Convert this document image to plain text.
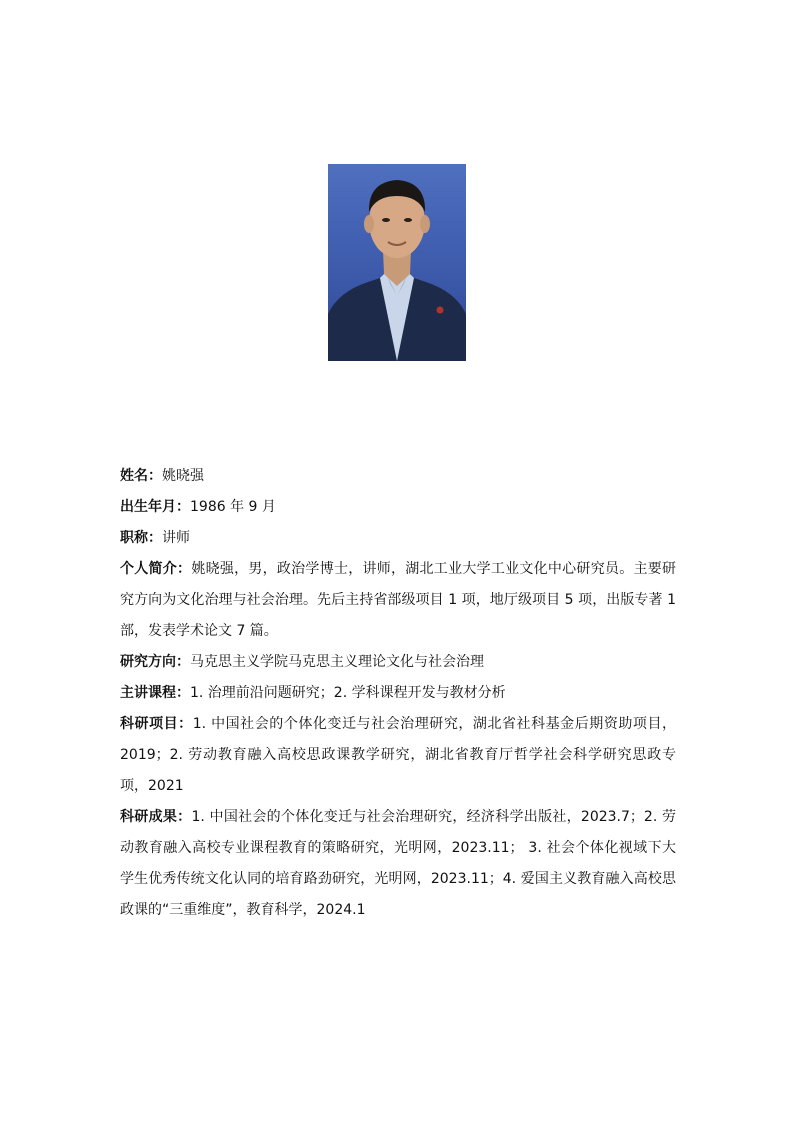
姓名：姚晓强

出生年月：1986 年 9 月

职称：讲师

个人简介：姚晓强，男，政治学博士，讲师，湖北工业大学工业文化中心研究员。主要研究方向为文化治理与社会治理。先后主持省部级项目 1 项，地厅级项目 5 项，出版专著 1 部，发表学术论文 7 篇。

研究方向：马克思主义学院马克思主义理论文化与社会治理

主讲课程：1. 治理前沿问题研究；2. 学科课程开发与教材分析

科研项目：1. 中国社会的个体化变迁与社会治理研究，湖北省社科基金后期资助项目，2019；2. 劳动教育融入高校思政课教学研究，湖北省教育厅哲学社会科学研究思政专项，2021

科研成果：1. 中国社会的个体化变迁与社会治理研究，经济科学出版社，2023.7；2. 劳动教育融入高校专业课程教育的策略研究，光明网，2023.11； 3. 社会个体化视域下大学生优秀传统文化认同的培育路劲研究，光明网，2023.11；4. 爱国主义教育融入高校思政课的“三重维度”，教育科学，2024.1
